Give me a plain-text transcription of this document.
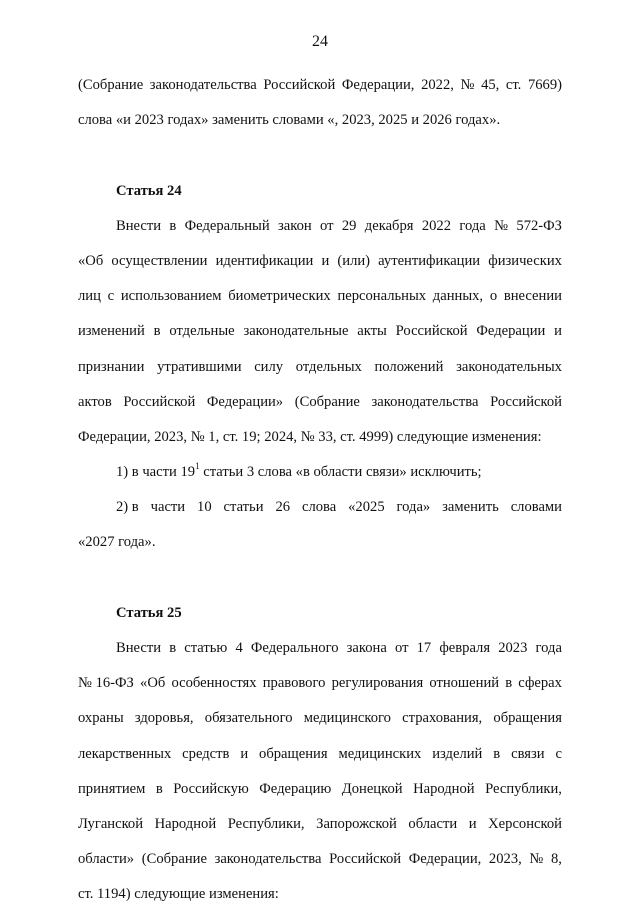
24
(Собрание законодательства Российской Федерации, 2022, № 45, ст. 7669)
слова «и 2023 годах» заменить словами «, 2023, 2025 и 2026 годах».
Статья 24
Внести в Федеральный закон от 29 декабря 2022 года № 572-ФЗ
«Об осуществлении идентификации и (или) аутентификации физических
лиц с использованием биометрических персональных данных, о внесении
изменений в отдельные законодательные акты Российской Федерации и
признании утратившими силу отдельных положений законодательных
актов Российской Федерации» (Собрание законодательства Российской
Федерации, 2023, № 1, ст. 19; 2024, № 33, ст. 4999) следующие изменения:
1) в части $19^1$ статьи 3 слова «в области связи» исключить;
2) в части 10 статьи 26 слова «2025 года» заменить словами
«2027 года».
Статья 25
Внести в статью 4 Федерального закона от 17 февраля 2023 года
№ 16-ФЗ «Об особенностях правового регулирования отношений в сферах
охраны здоровья, обязательного медицинского страхования, обращения
лекарственных средств и обращения медицинских изделий в связи с
принятием в Российскую Федерацию Донецкой Народной Республики,
Луганской Народной Республики, Запорожской области и Херсонской
области» (Собрание законодательства Российской Федерации, 2023, № 8,
ст. 1194) следующие изменения:
